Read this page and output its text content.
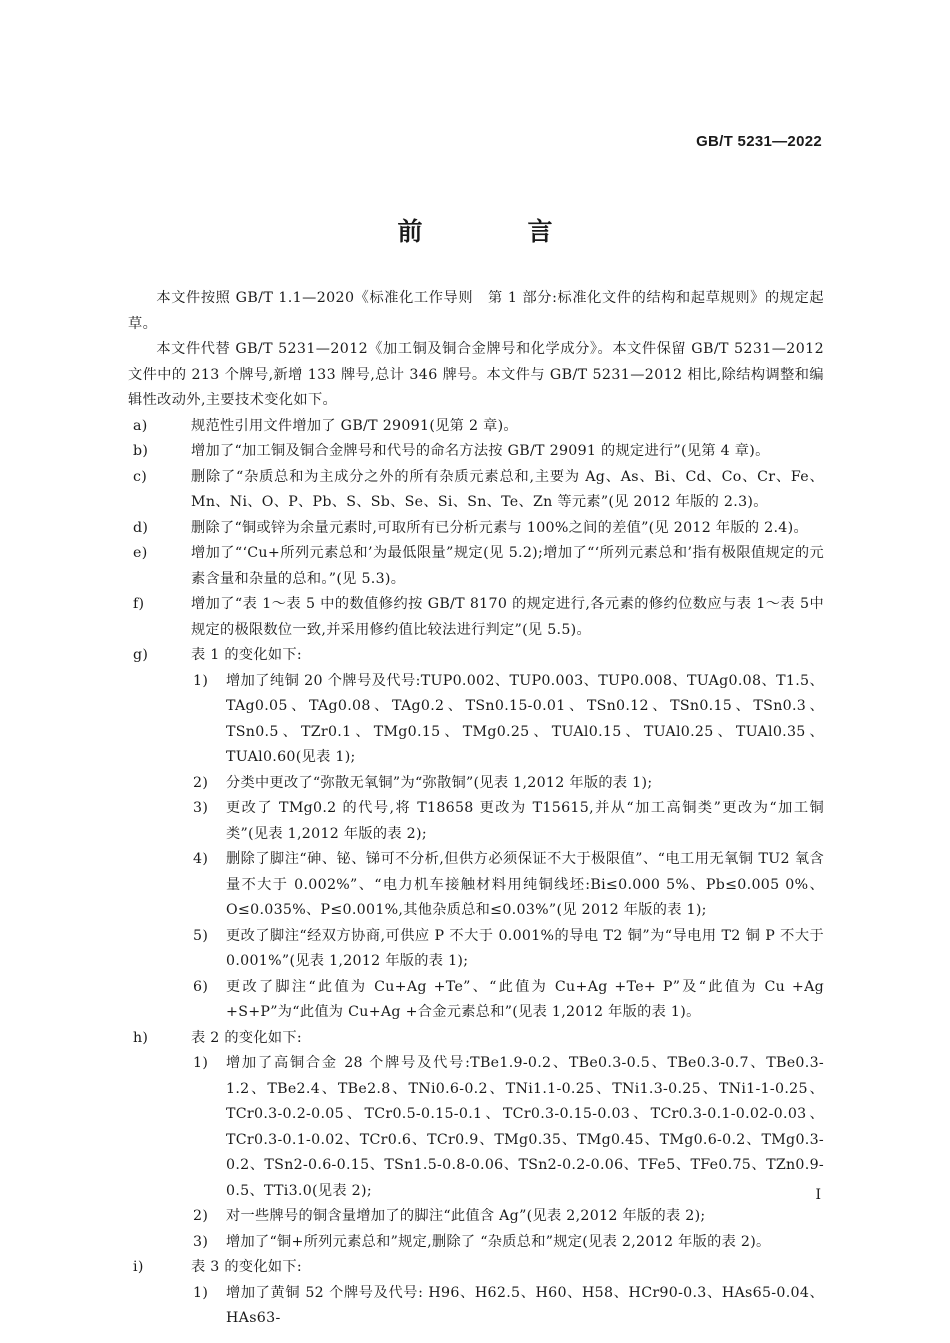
GB/T 5231—2022
前　言

本文件按照 GB/T 1.1—2020《标准化工作导则　第 1 部分:标准化文件的结构和起草规则》的规定起草。

本文件代替 GB/T 5231—2012《加工铜及铜合金牌号和化学成分》。本文件保留 GB/T 5231—2012 文件中的 213 个牌号,新增 133 牌号,总计 346 牌号。本文件与 GB/T 5231—2012 相比,除结构调整和编辑性改动外,主要技术变化如下。

a)	规范性引用文件增加了 GB/T 29091(见第 2 章)。

b)	增加了“加工铜及铜合金牌号和代号的命名方法按 GB/T 29091 的规定进行”(见第 4 章)。

c)	删除了“杂质总和为主成分之外的所有杂质元素总和,主要为 Ag、As、Bi、Cd、Co、Cr、Fe、Mn、Ni、O、P、Pb、S、Sb、Se、Si、Sn、Te、Zn 等元素”(见 2012 年版的 2.3)。

d)	删除了“铜或锌为余量元素时,可取所有已分析元素与 100%之间的差值”(见 2012 年版的 2.4)。

e)	增加了“‘Cu+所列元素总和’为最低限量”规定(见 5.2);增加了“‘所列元素总和’指有极限值规定的元素含量和杂量的总和。”(见 5.3)。

f)	增加了“表 1～表 5 中的数值修约按 GB/T 8170 的规定进行,各元素的修约位数应与表 1～表 5中规定的极限数位一致,并采用修约值比较法进行判定”(见 5.5)。

g)	表 1 的变化如下:

1) 增加了纯铜 20 个牌号及代号:TUP0.002、TUP0.003、TUP0.008、TUAg0.08、T1.5、TAg0.05、TAg0.08、TAg0.2、TSn0.15-0.01、TSn0.12、TSn0.15、TSn0.3、TSn0.5、TZr0.1、TMg0.15、TMg0.25、TUAl0.15、TUAl0.25、TUAl0.35、TUAl0.60(见表 1);

2) 分类中更改了“弥散无氧铜”为“弥散铜”(见表 1,2012 年版的表 1);

3) 更改了 TMg0.2 的代号,将 T18658 更改为 T15615,并从“加工高铜类”更改为“加工铜类”(见表 1,2012 年版的表 2);

4) 删除了脚注“砷、铋、锑可不分析,但供方必须保证不大于极限值”、“电工用无氧铜 TU2 氧含量不大于 0.002%”、“电力机车接触材料用纯铜线坯:Bi≤0.000 5%、Pb≤0.005 0%、O≤0.035%、P≤0.001%,其他杂质总和≤0.03%”(见 2012 年版的表 1);

5) 更改了脚注“经双方协商,可供应 P 不大于 0.001%的导电 T2 铜”为“导电用 T2 铜 P 不大于 0.001%”(见表 1,2012 年版的表 1);

6) 更改了脚注“此值为 Cu+Ag +Te”、“此值为 Cu+Ag +Te+ P”及“此值为 Cu +Ag +S+P”为“此值为 Cu+Ag +合金元素总和”(见表 1,2012 年版的表 1)。

h)	表 2 的变化如下:

1) 增加了高铜合金 28 个牌号及代号:TBe1.9-0.2、TBe0.3-0.5、TBe0.3-0.7、TBe0.3-1.2、TBe2.4、TBe2.8、TNi0.6-0.2、TNi1.1-0.25、TNi1.3-0.25、TNi1-1-0.25、TCr0.3-0.2-0.05、TCr0.5-0.15-0.1、TCr0.3-0.15-0.03、TCr0.3-0.1-0.02-0.03、TCr0.3-0.1-0.02、TCr0.6、TCr0.9、TMg0.35、TMg0.45、TMg0.6-0.2、TMg0.3-0.2、TSn2-0.6-0.15、TSn1.5-0.8-0.06、TSn2-0.2-0.06、TFe5、TFe0.75、TZn0.9-0.5、TTi3.0(见表 2);

2) 对一些牌号的铜含量增加了的脚注“此值含 Ag”(见表 2,2012 年版的表 2);

3) 增加了“铜+所列元素总和”规定,删除了 “杂质总和”规定(见表 2,2012 年版的表 2)。

i)	表 3 的变化如下:

1) 增加了黄铜 52 个牌号及代号: H96、H62.5、H60、H58、HCr90-0.3、HAs65-0.04、HAs63-

I
